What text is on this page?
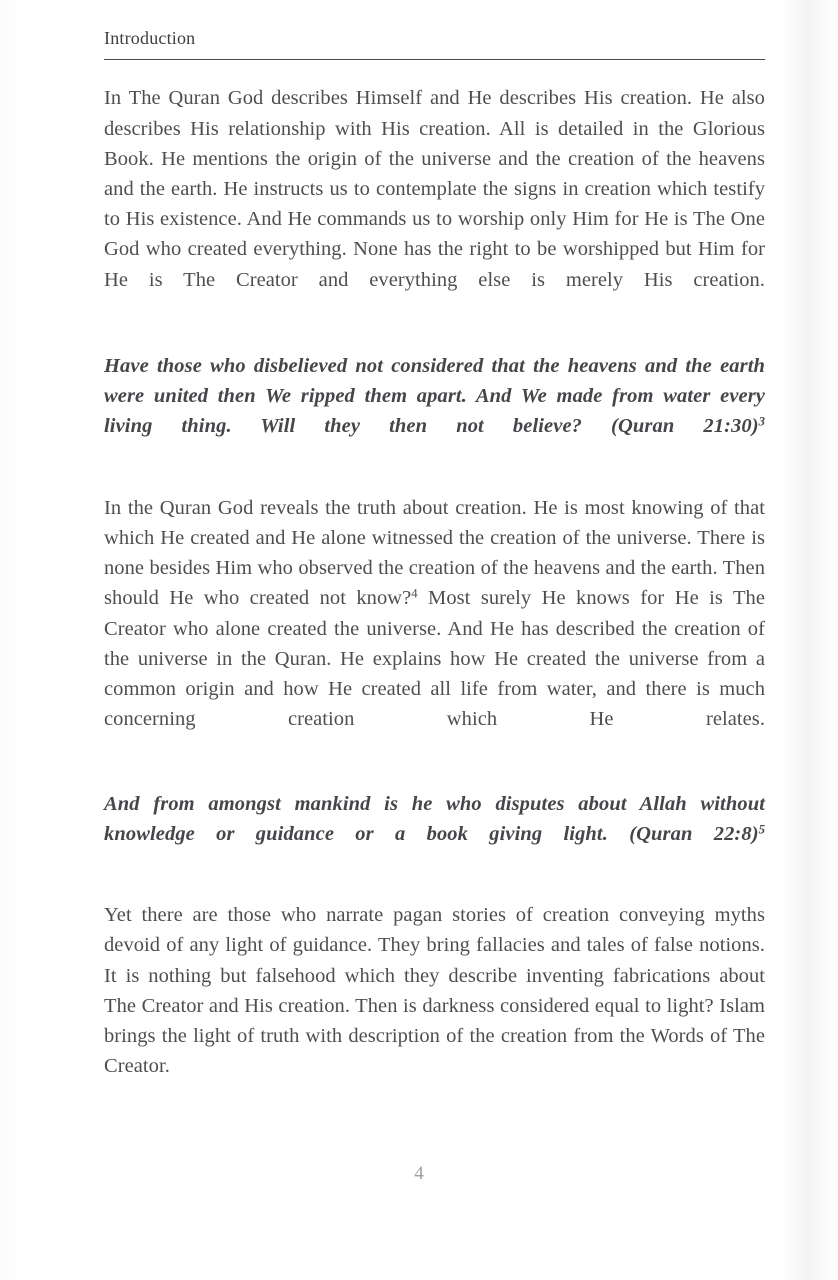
Introduction

In The Quran God describes Himself and He describes His creation. He also describes His relationship with His creation. All is detailed in the Glorious Book. He mentions the origin of the universe and the creation of the heavens and the earth. He instructs us to contemplate the signs in creation which testify to His existence. And He commands us to worship only Him for He is The One God who created everything. None has the right to be worshipped but Him for He is The Creator and everything else is merely His creation.

Have those who disbelieved not considered that the heavens and the earth were united then We ripped them apart. And We made from water every living thing. Will they then not believe? (Quran 21:30)$^3$

In the Quran God reveals the truth about creation. He is most knowing of that which He created and He alone witnessed the creation of the universe. There is none besides Him who observed the creation of the heavens and the earth. Then should He who created not know?$^4$ Most surely He knows for He is The Creator who alone created the universe. And He has described the creation of the universe in the Quran. He explains how He created the universe from a common origin and how He created all life from water, and there is much concerning creation which He relates.

And from amongst mankind is he who disputes about Allah without knowledge or guidance or a book giving light. (Quran 22:8)$^5$

Yet there are those who narrate pagan stories of creation conveying myths devoid of any light of guidance. They bring fallacies and tales of false notions. It is nothing but falsehood which they describe inventing fabrications about The Creator and His creation. Then is darkness considered equal to light? Islam brings the light of truth with description of the creation from the Words of The Creator.

4
